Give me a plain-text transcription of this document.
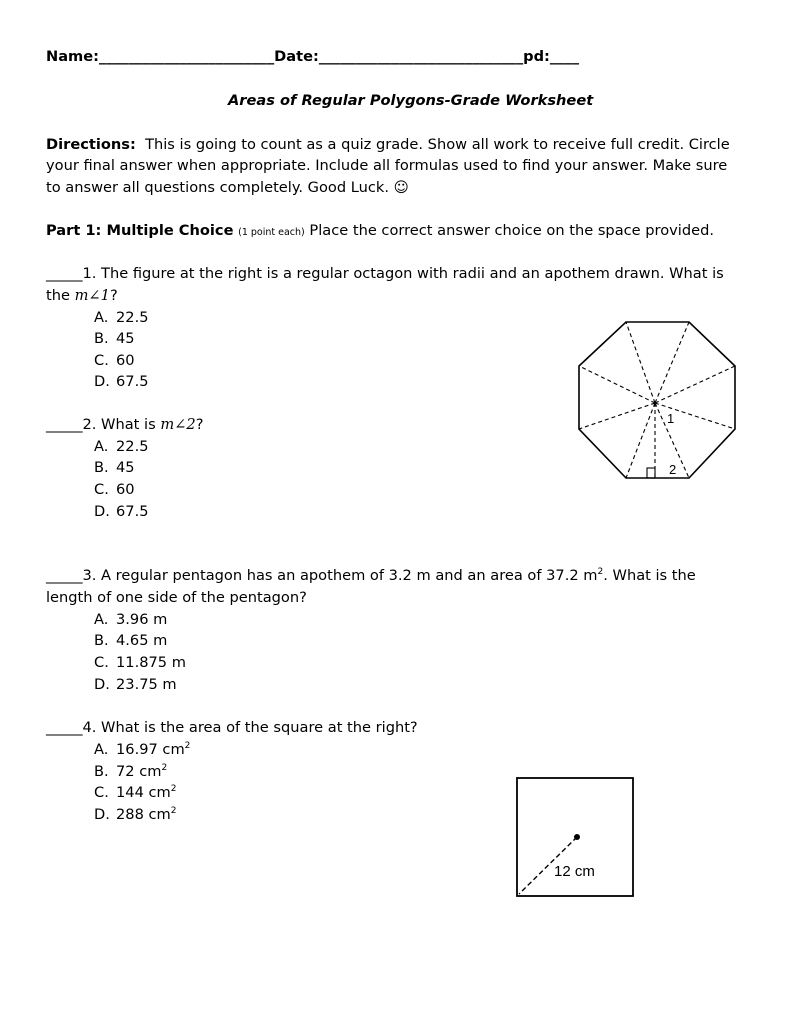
Name:________________________Date:____________________________pd:____
Areas of Regular Polygons-Grade Worksheet
Directions: This is going to count as a quiz grade. Show all work to receive full credit. Circle
your final answer when appropriate. Include all formulas used to find your answer. Make sure
to answer all questions completely. Good Luck. ☺
Part 1: Multiple Choice (1 point each) Place the correct answer choice on the space provided.
_____1. The figure at the right is a regular octagon with radii and an apothem drawn. What is
the m∠1?
A. 22.5
B. 45
C. 60
D. 67.5
_____2. What is m∠2?
A. 22.5
B. 45
C. 60
D. 67.5
_____3. A regular pentagon has an apothem of 3.2 m and an area of 37.2 $m^2$. What is the
length of one side of the pentagon?
A. 3.96 m
B. 4.65 m
C. 11.875 m
D. 23.75 m
_____4. What is the area of the square at the right?
A. 16.97 $cm^2$
B. 72 $cm^2$
C. 144 $cm^2$
D. 288 $cm^2$
1
2
12 cm
